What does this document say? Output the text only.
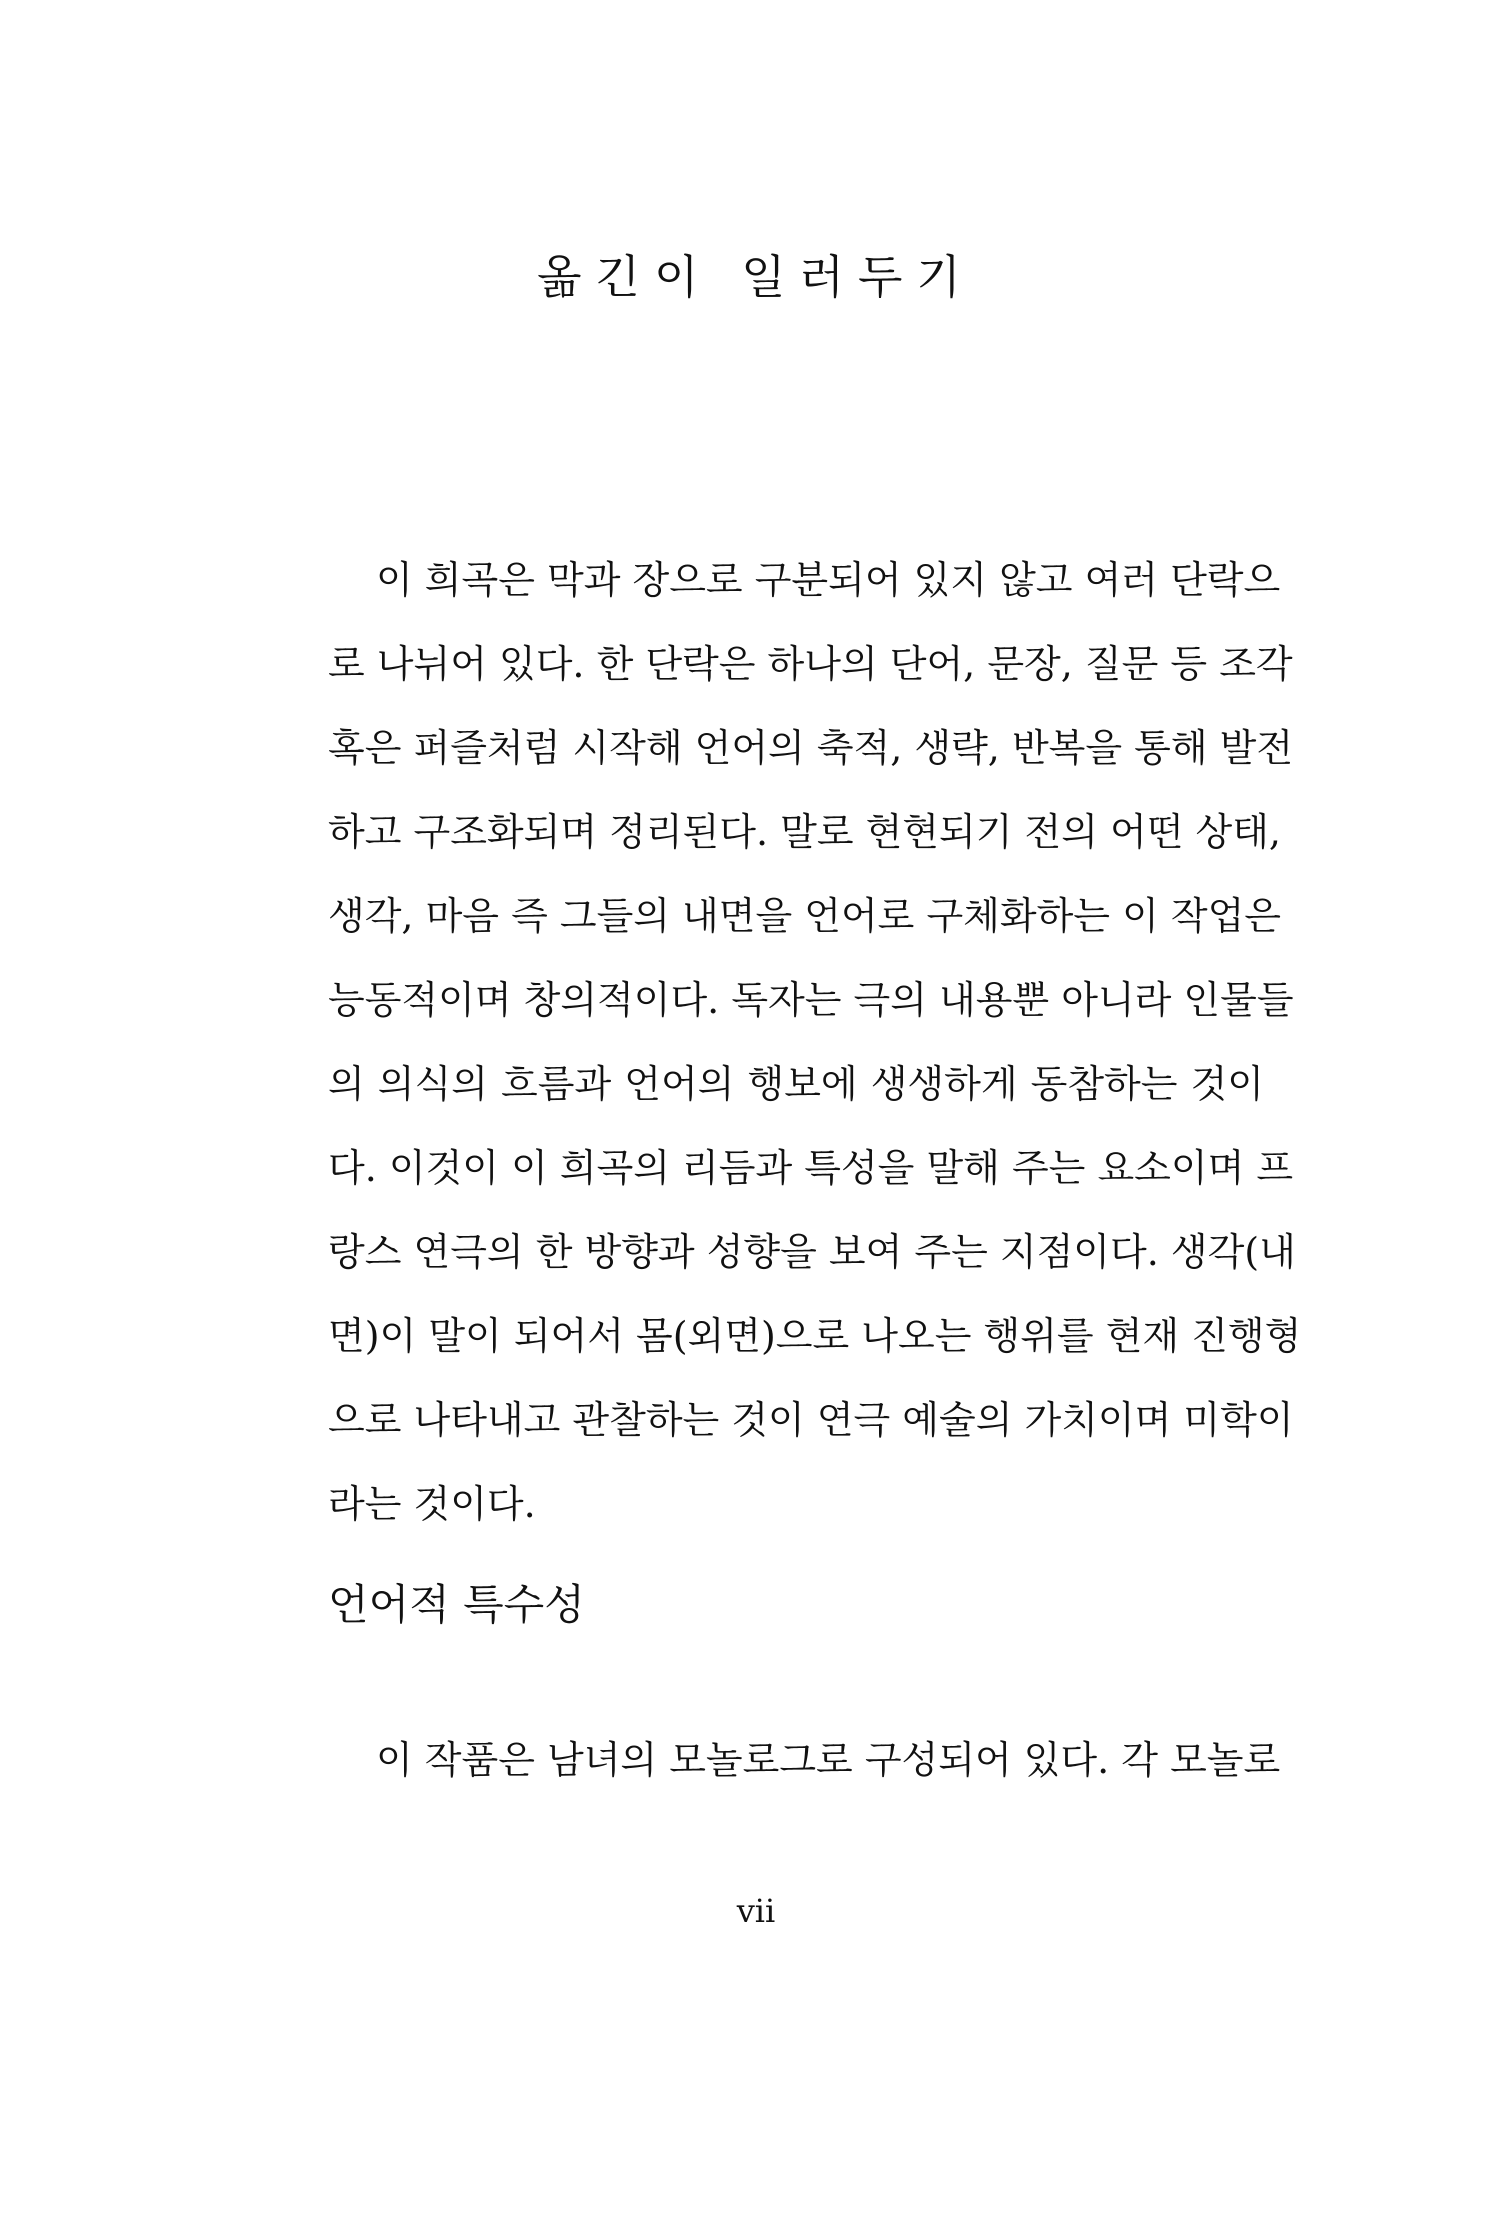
옮긴이 일러두기
이 희곡은 막과 장으로 구분되어 있지 않고 여러 단락으
로 나뉘어 있다. 한 단락은 하나의 단어, 문장, 질문 등 조각
혹은 퍼즐처럼 시작해 언어의 축적, 생략, 반복을 통해 발전
하고 구조화되며 정리된다. 말로 현현되기 전의 어떤 상태,
생각, 마음 즉 그들의 내면을 언어로 구체화하는 이 작업은
능동적이며 창의적이다. 독자는 극의 내용뿐 아니라 인물들
의 의식의 흐름과 언어의 행보에 생생하게 동참하는 것이
다. 이것이 이 희곡의 리듬과 특성을 말해 주는 요소이며 프
랑스 연극의 한 방향과 성향을 보여 주는 지점이다. 생각(내
면)이 말이 되어서 몸(외면)으로 나오는 행위를 현재 진행형
으로 나타내고 관찰하는 것이 연극 예술의 가치이며 미학이
라는 것이다.
언어적 특수성
이 작품은 남녀의 모놀로그로 구성되어 있다. 각 모놀로
vii
